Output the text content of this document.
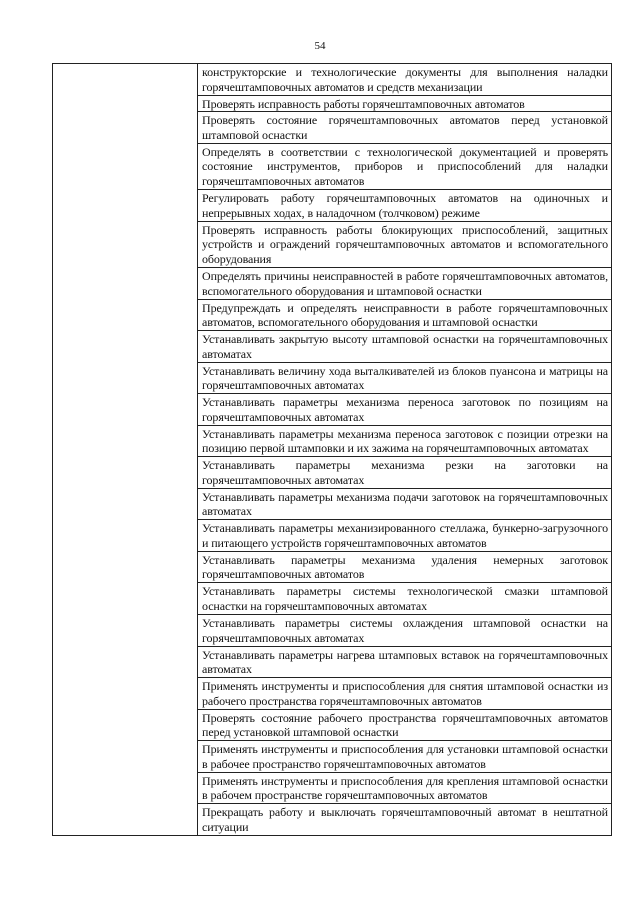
54

конструкторские и технологические документы для выполнения наладки горячештамповочных автоматов и средств механизации

Проверять исправность работы горячештамповочных автоматов

Проверять состояние горячештамповочных автоматов перед установкой штамповой оснастки

Определять в соответствии с технологической документацией и проверять состояние инструментов, приборов и приспособлений для наладки горячештамповочных автоматов

Регулировать работу горячештамповочных автоматов на одиночных и непрерывных ходах, в наладочном (толчковом) режиме

Проверять исправность работы блокирующих приспособлений, защитных устройств и ограждений горячештамповочных автоматов и вспомогательного оборудования

Определять причины неисправностей в работе горячештамповочных автоматов, вспомогательного оборудования и штамповой оснастки

Предупреждать и определять неисправности в работе горячештамповочных автоматов, вспомогательного оборудования и штамповой оснастки

Устанавливать закрытую высоту штамповой оснастки на горячештамповочных автоматах

Устанавливать величину хода выталкивателей из блоков пуансона и матрицы на горячештамповочных автоматах

Устанавливать параметры механизма переноса заготовок по позициям на горячештамповочных автоматах

Устанавливать параметры механизма переноса заготовок с позиции отрезки на позицию первой штамповки и их зажима на горячештамповочных автоматах

Устанавливать параметры механизма резки на заготовки на горячештамповочных автоматах

Устанавливать параметры механизма подачи заготовок на горячештамповочных автоматах

Устанавливать параметры механизированного стеллажа, бункерно-загрузочного и питающего устройств горячештамповочных автоматов

Устанавливать параметры механизма удаления немерных заготовок горячештамповочных автоматов

Устанавливать параметры системы технологической смазки штамповой оснастки на горячештамповочных автоматах

Устанавливать параметры системы охлаждения штамповой оснастки на горячештамповочных автоматах

Устанавливать параметры нагрева штамповых вставок на горячештамповочных автоматах

Применять инструменты и приспособления для снятия штамповой оснастки из рабочего пространства горячештамповочных автоматов

Проверять состояние рабочего пространства горячештамповочных автоматов перед установкой штамповой оснастки

Применять инструменты и приспособления для установки штамповой оснастки в рабочее пространство горячештамповочных автоматов

Применять инструменты и приспособления для крепления штамповой оснастки в рабочем пространстве горячештамповочных автоматов

Прекращать работу и выключать горячештамповочный автомат в нештатной ситуации
